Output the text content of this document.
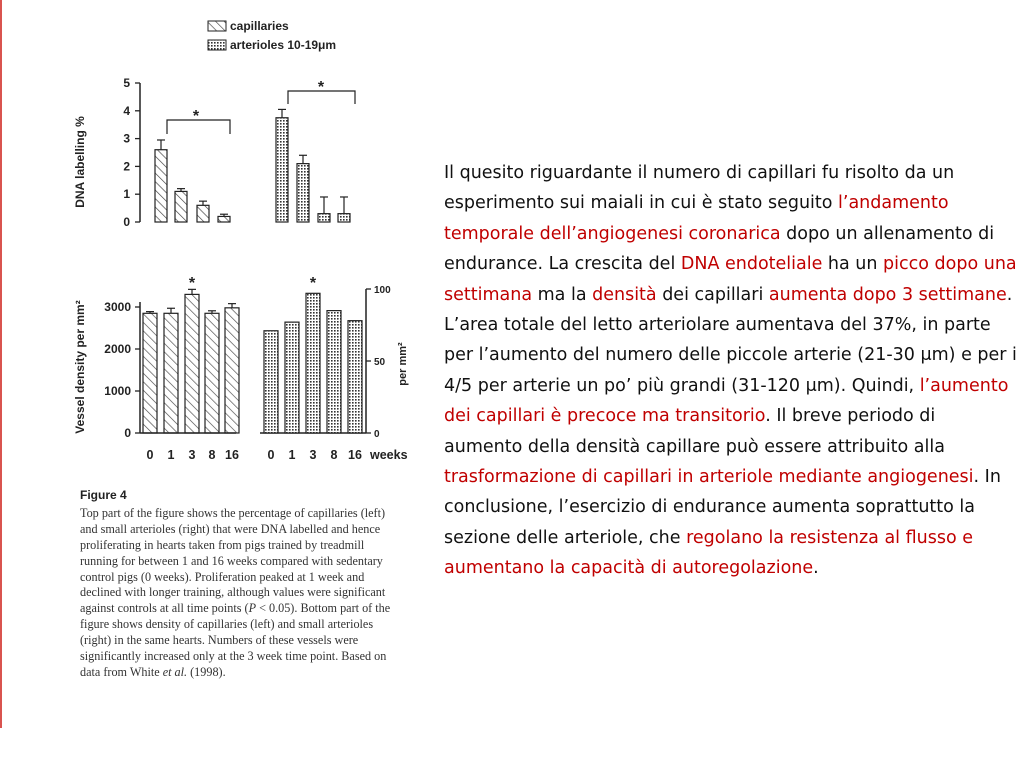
capillaries
arterioles 10-19μm
0
1
2
3
4
5
DNA labelling %	*
*
0
1000
2000
3000
0
50
100
Vessel density per mm²	per mm²
*	*
0	0
1	1
3	3
8	8
16	16 weeks
Figure 4
Top part of the figure shows the percentage of capillaries (left) and small arterioles (right) that were DNA labelled and hence proliferating in hearts taken from pigs trained by treadmill running for between 1 and 16 weeks compared with sedentary control pigs (0 weeks). Proliferation peaked at 1 week and declined with longer training, although values were significant against controls at all time points (P < 0.05). Bottom part of the figure shows density of capillaries (left) and small arterioles (right) in the same hearts. Numbers of these vessels were significantly increased only at the 3 week time point. Based on data from White et al. (1998).
Il quesito riguardante il numero di capillari fu risolto da un esperimento sui maiali in cui è stato seguito l’andamento temporale dell’angiogenesi coronarica dopo un allenamento di endurance. La crescita del DNA endoteliale ha un picco dopo una settimana ma la densità dei capillari aumenta dopo 3 settimane. L’area totale del letto arteriolare aumentava del 37%, in parte per l’aumento del numero delle piccole arterie (21-30 μm) e per i 4/5 per arterie un po’ più grandi (31-120 μm). Quindi, l’aumento dei capillari è precoce ma transitorio. Il breve periodo di aumento della densità capillare può essere attribuito alla trasformazione di capillari in arteriole mediante angiogenesi. In conclusione, l’esercizio di endurance aumenta soprattutto la sezione delle arteriole, che regolano la resistenza al flusso e aumentano la capacità di autoregolazione.
